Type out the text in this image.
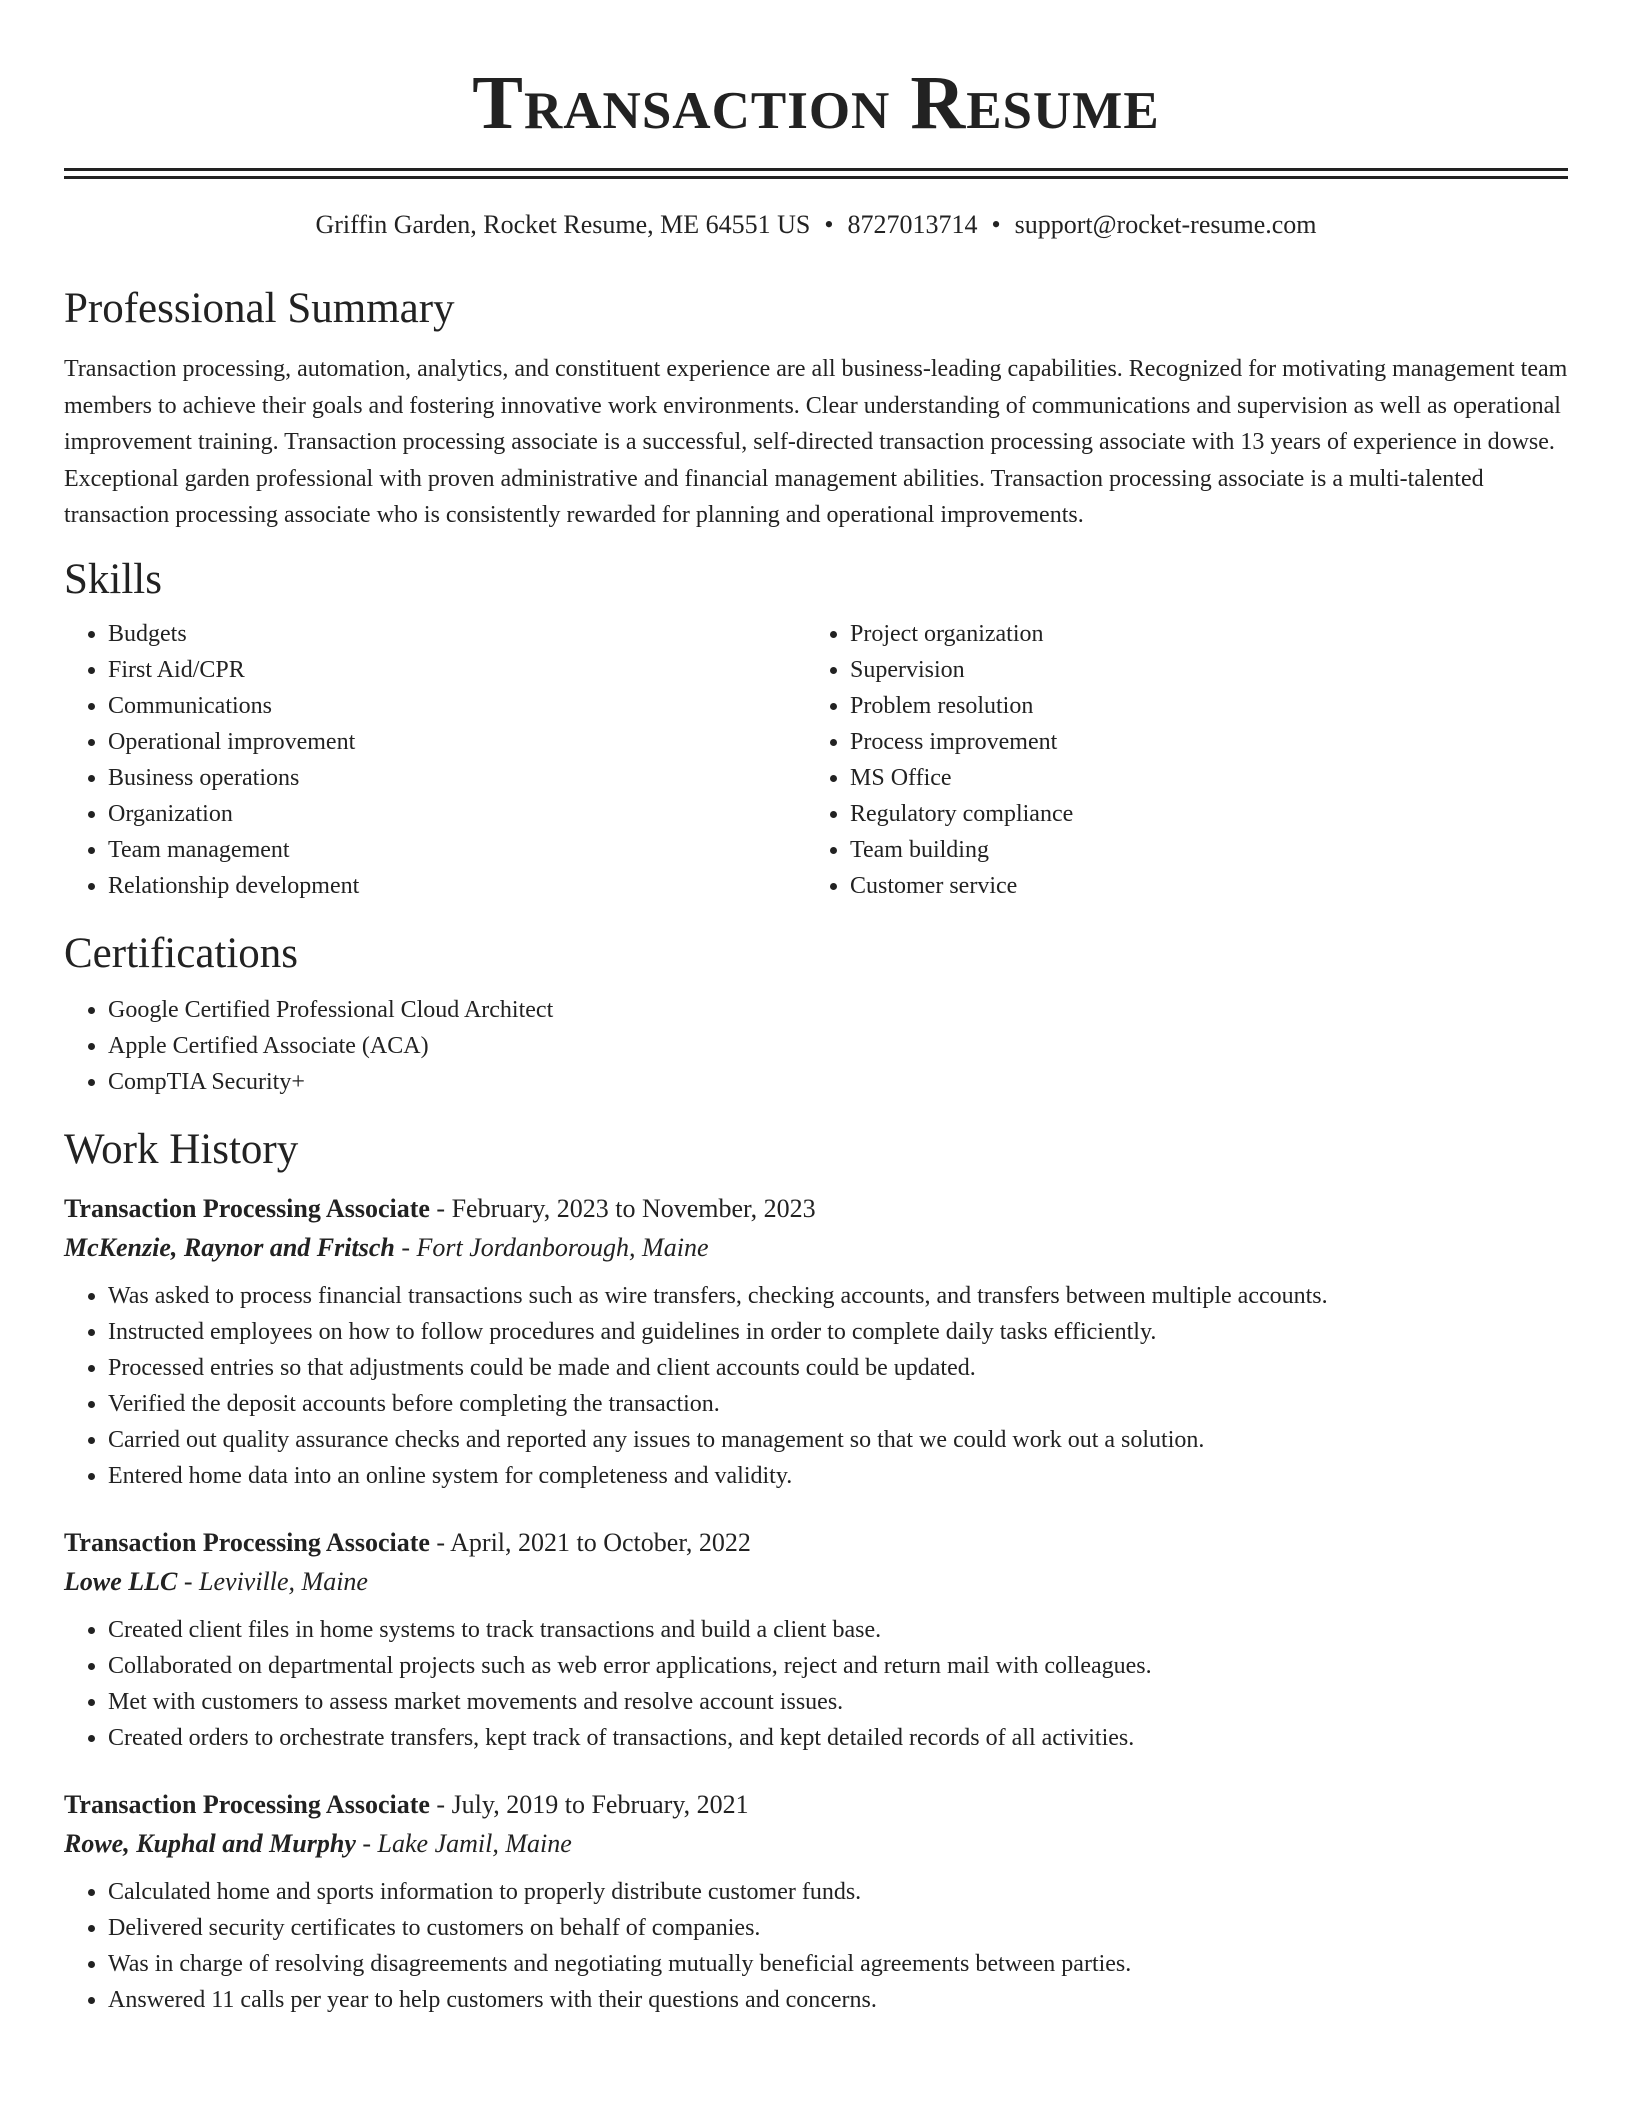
Transaction Resume
Griffin Garden, Rocket Resume, ME 64551 US • 8727013714 • support@rocket-resume.com
Professional Summary

Transaction processing, automation, analytics, and constituent experience are all business-leading capabilities. Recognized for motivating management team members to achieve their goals and fostering innovative work environments. Clear understanding of communications and supervision as well as operational improvement training. Transaction processing associate is a successful, self-directed transaction processing associate with 13 years of experience in dowse. Exceptional garden professional with proven administrative and financial management abilities. Transaction processing associate is a multi-talented transaction processing associate who is consistently rewarded for planning and operational improvements.

Skills
• Budgets
• First Aid/CPR
• Communications
• Operational improvement
• Business operations
• Organization
• Team management
• Relationship development
• Project organization
• Supervision
• Problem resolution
• Process improvement
• MS Office
• Regulatory compliance
• Team building
• Customer service
Certifications
• Google Certified Professional Cloud Architect
• Apple Certified Associate (ACA)
• CompTIA Security+
Work History
Transaction Processing Associate - February, 2023 to November, 2023
McKenzie, Raynor and Fritsch - Fort Jordanborough, Maine
• Was asked to process financial transactions such as wire transfers, checking accounts, and transfers between multiple accounts.
• Instructed employees on how to follow procedures and guidelines in order to complete daily tasks efficiently.
• Processed entries so that adjustments could be made and client accounts could be updated.
• Verified the deposit accounts before completing the transaction.
• Carried out quality assurance checks and reported any issues to management so that we could work out a solution.
• Entered home data into an online system for completeness and validity.
Transaction Processing Associate - April, 2021 to October, 2022
Lowe LLC - Leviville, Maine
• Created client files in home systems to track transactions and build a client base.
• Collaborated on departmental projects such as web error applications, reject and return mail with colleagues.
• Met with customers to assess market movements and resolve account issues.
• Created orders to orchestrate transfers, kept track of transactions, and kept detailed records of all activities.
Transaction Processing Associate - July, 2019 to February, 2021
Rowe, Kuphal and Murphy - Lake Jamil, Maine
• Calculated home and sports information to properly distribute customer funds.
• Delivered security certificates to customers on behalf of companies.
• Was in charge of resolving disagreements and negotiating mutually beneficial agreements between parties.
• Answered 11 calls per year to help customers with their questions and concerns.
